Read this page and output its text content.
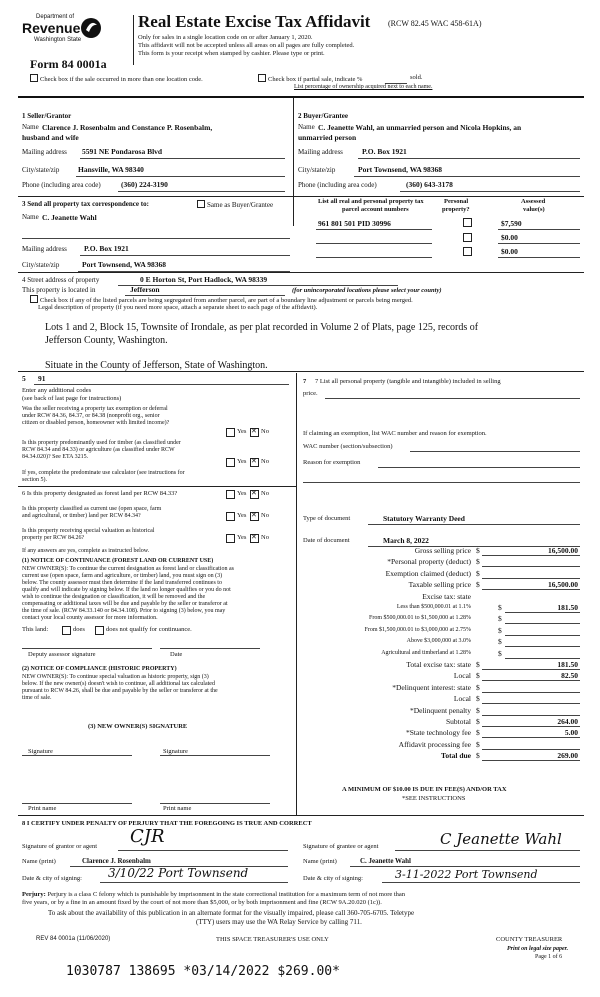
Department of
Revenue
Washington State
Form 84 0001a
Real Estate Excise Tax Affidavit (RCW 82.45 WAC 458-61A)
Only for sales in a single location code on or after January 1, 2020.
This affidavit will not be accepted unless all areas on all pages are fully completed.
This form is your receipt when stamped by cashier. Please type or print.
Check box if the sale occurred in more than one location code.	Check box if partial sale, indicate %	sold.
List percentage of ownership acquired next to each name.
1 Seller/Grantor
Name Clarence J. Rosenbalm and Constance P. Rosenbalm,
husband and wife
Mailing address 5591 NE Pondarosa Blvd
City/state/zip Hansville, WA 98340
Phone (including area code)	(360) 224-3190
2 Buyer/Grantee
Name C. Jeanette Wahl, an unmarried person and Nicola Hopkins, an
unmarried person
Mailing address	P.O. Box 1921
City/state/zip	Port Townsend, WA 98368
Phone (including area code)	(360) 643-3178
3 Send all property tax correspondence to:	Same as Buyer/Grantee
Name C. Jeanette Wahl
Mailing address P.O. Box 1921
City/state/zip	Port Townsend, WA 98368
List all real and personal property tax
parcel account numbers
Personal
property?
Assessed
value(s)
961 801 501 PID 30996	$7,590
$0.00
$0.00
4 Street address of property	0 E Horton St, Port Hadlock, WA 98339
This property is located in	Jefferson	(for unincorporated locations please select your county)
Check box if any of the listed parcels are being segregated from another parcel, are part of a boundary line adjustment or parcels being merged.
Legal description of property (if you need more space, attach a separate sheet to each page of the affidavit).
Lots 1 and 2, Block 15, Townsite of Irondale, as per plat recorded in Volume 2 of Plats, page 125, records of
Jefferson County, Washington.
Situate in the County of Jefferson, State of Washington.
5 91
Enter any additional codes
(see back of last page for instructions)
Was the seller receiving a property tax exemption or deferral
under RCW 84.36, 84.37, or 84.38 (nonprofit org., senior
citizen or disabled person, homeowner with limited income)?
Yes ✕ No
Is this property predominantly used for timber (as classified under
RCW 84.34 and 84.33) or agriculture (as classified under RCW
84.34.020)? See ETA 3215.
Yes ✕ No
If yes, complete the predominate use calculator (see instructions for
section 5).
6 Is this property designated as forest land per RCW 84.33?	Yes ✕ No
Is this property classified as current use (open space, farm
and agricultural, or timber) land per RCW 84.34?	Yes ✕ No
Is this property receiving special valuation as historical
property per RCW 84.26?	Yes ✕ No
If any answers are yes, complete as instructed below.
(1) NOTICE OF CONTINUANCE (FOREST LAND OR CURRENT USE)
NEW OWNER(S): To continue the current designation as forest land or classification as
current use (open space, farm and agriculture, or timber) land, you must sign on (3)
below. The county assessor must then determine if the land transferred continues to
qualify and will indicate by signing below. If the land no longer qualifies or you do not
wish to continue the designation or classification, it will be removed and the
compensating or additional taxes will be due and payable by the seller or transferor at
the time of sale. (RCW 84.33.140 or 84.34.108). Prior to signing (3) below, you may
contact your local county assessor for more information.
This land:	does	does not qualify for continuance.
Deputy assessor signature	Date
(2) NOTICE OF COMPLIANCE (HISTORIC PROPERTY)
NEW OWNER(S): To continue special valuation as historic property, sign (3)
below. If the new owner(s) doesn't wish to continue, all additional tax calculated
pursuant to RCW 84.26, shall be due and payable by the seller or transferor at the
time of sale.
(3) NEW OWNER(S) SIGNATURE
Signature	Signature
Print name	Print name
7	7 List all personal property (tangible and intangible) included in selling
price.
If claiming an exemption, list WAC number and reason for exemption.
WAC number (section/subsection)
Reason for exemption
Type of document	Statutory Warranty Deed
Date of document	March 8, 2022
Gross selling price $	16,500.00
*Personal property (deduct) $
Exemption claimed (deduct) $
Taxable selling price $	16,500.00
Excise tax: state
Less than $500,000.01 at 1.1%	$	181.50
From $500,000.01 to $1,500,000 at 1.28%	$
From $1,500,000.01 to $3,000,000 at 2.75%	$
Above $3,000,000 at 3.0%	$
Agricultural and timberland at 1.28%	$
Total excise tax: state $	181.50
Local $	82.50
*Delinquent interest: state $
Local $
*Delinquent penalty $
Subtotal $	264.00
*State technology fee $	5.00
Affidavit processing fee $
Total due $	269.00
A MINIMUM OF $10.00 IS DUE IN FEE(S) AND/OR TAX
*SEE INSTRUCTIONS
8 I CERTIFY UNDER PENALTY OF PERJURY THAT THE FOREGOING IS TRUE AND CORRECT
Signature of grantor or agent CJR	Signature of grantee or agent	C Jeanette Wahl
Name (print)	Clarence J. Rosenbalm	Name (print)	C. Jeanette Wahl
Date & city of signing: 3/10/22 Port Townsend	Date & city of signing:	3-11-2022 Port Townsend
Perjury: Perjury is a class C felony which is punishable by imprisonment in the state correctional institution for a maximum term of not more than
five years, or by a fine in an amount fixed by the court of not more than $5,000, or by both imprisonment and fine (RCW 9A.20.020 (1c)).
To ask about the availability of this publication in an alternate format for the visually impaired, please call 360-705-6705. Teletype
(TTY) users may use the WA Relay Service by calling 711.
REV 84 0001a (11/06/2020)	THIS SPACE TREASURER'S USE ONLY	COUNTY TREASURER
Print on legal size paper.
Page 1 of 6
1030787 138695 *03/14/2022 $269.00*
